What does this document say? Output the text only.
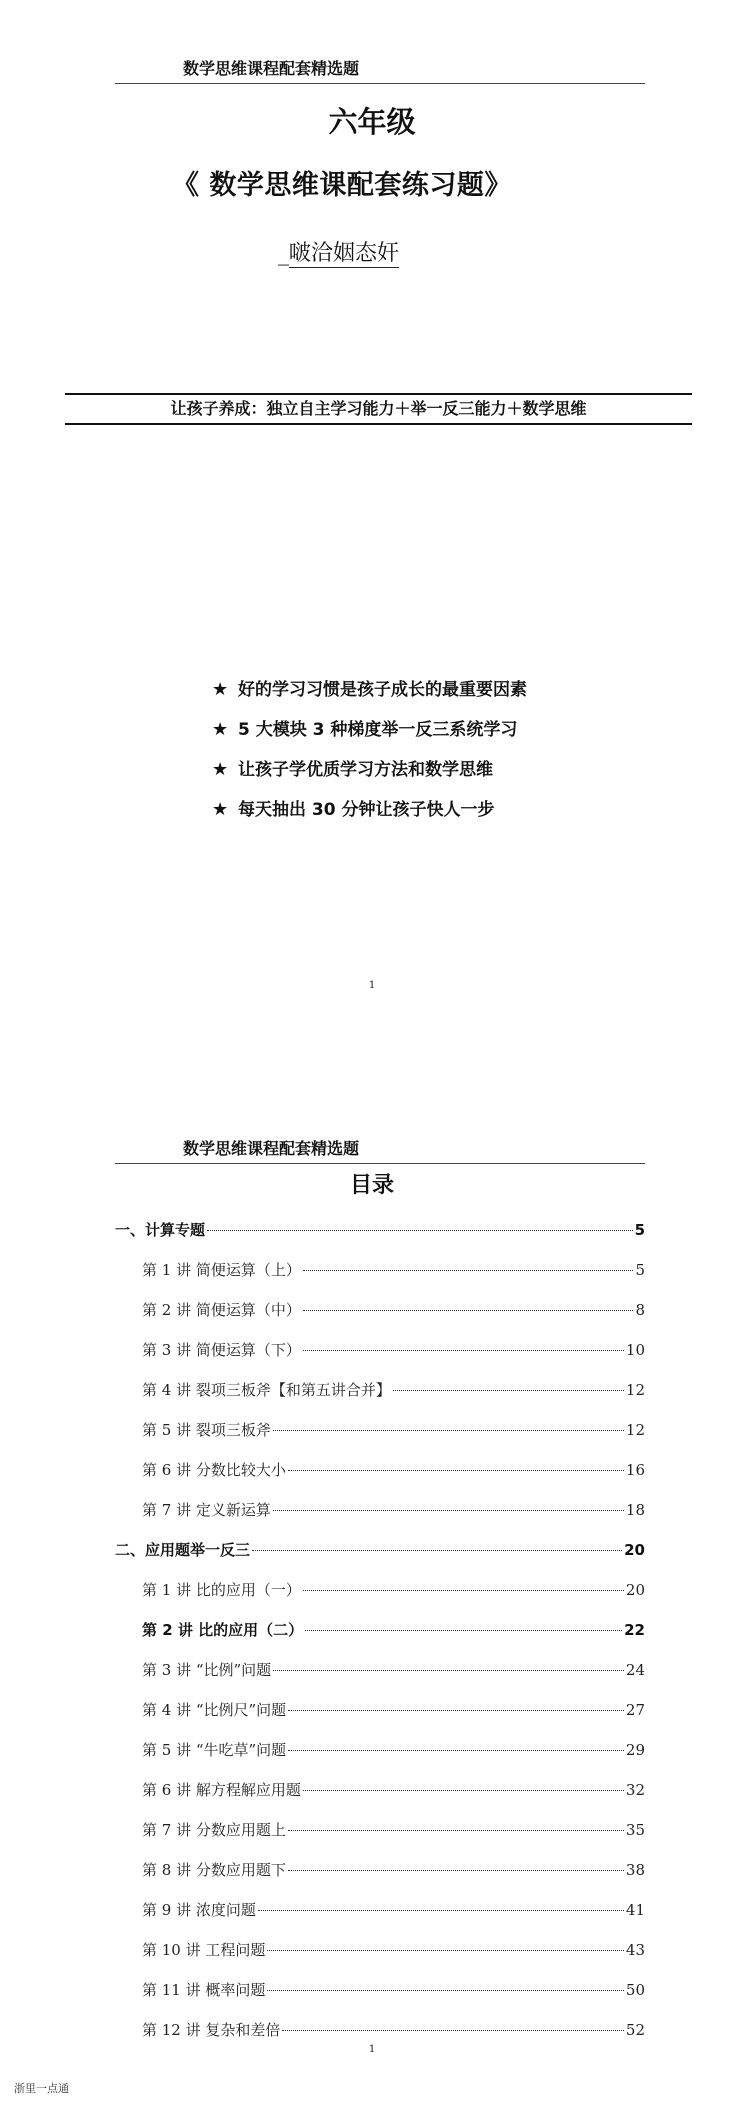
数学思维课程配套精选题
六年级
《 数学思维课配套练习题》
_啵洽姻态奸
让孩子养成：独立自主学习能力＋举一反三能力＋数学思维
★ 好的学习习惯是孩子成长的最重要因素
★ 5 大模块 3 种梯度举一反三系统学习
★ 让孩子学优质学习方法和数学思维
★ 每天抽出 30 分钟让孩子快人一步
1
数学思维课程配套精选题
目录
一、计算专题	5
第 1 讲 简便运算（上）	5
第 2 讲 简便运算（中）	8
第 3 讲 简便运算（下）	10
第 4 讲 裂项三板斧【和第五讲合并】	12
第 5 讲 裂项三板斧	12
第 6 讲 分数比较大小	16
第 7 讲 定义新运算	18
二、应用题举一反三	20
第 1 讲 比的应用（一）	20
第 2 讲 比的应用（二）	22
第 3 讲 “比例”问题	24
第 4 讲 “比例尺”问题	27
第 5 讲 “牛吃草”问题	29
第 6 讲 解方程解应用题	32
第 7 讲 分数应用题上	35
第 8 讲 分数应用题下	38
第 9 讲 浓度问题	41
第 10 讲 工程问题	43
第 11 讲 概率问题	50
第 12 讲 复杂和差倍	52
1
浙里一点通
